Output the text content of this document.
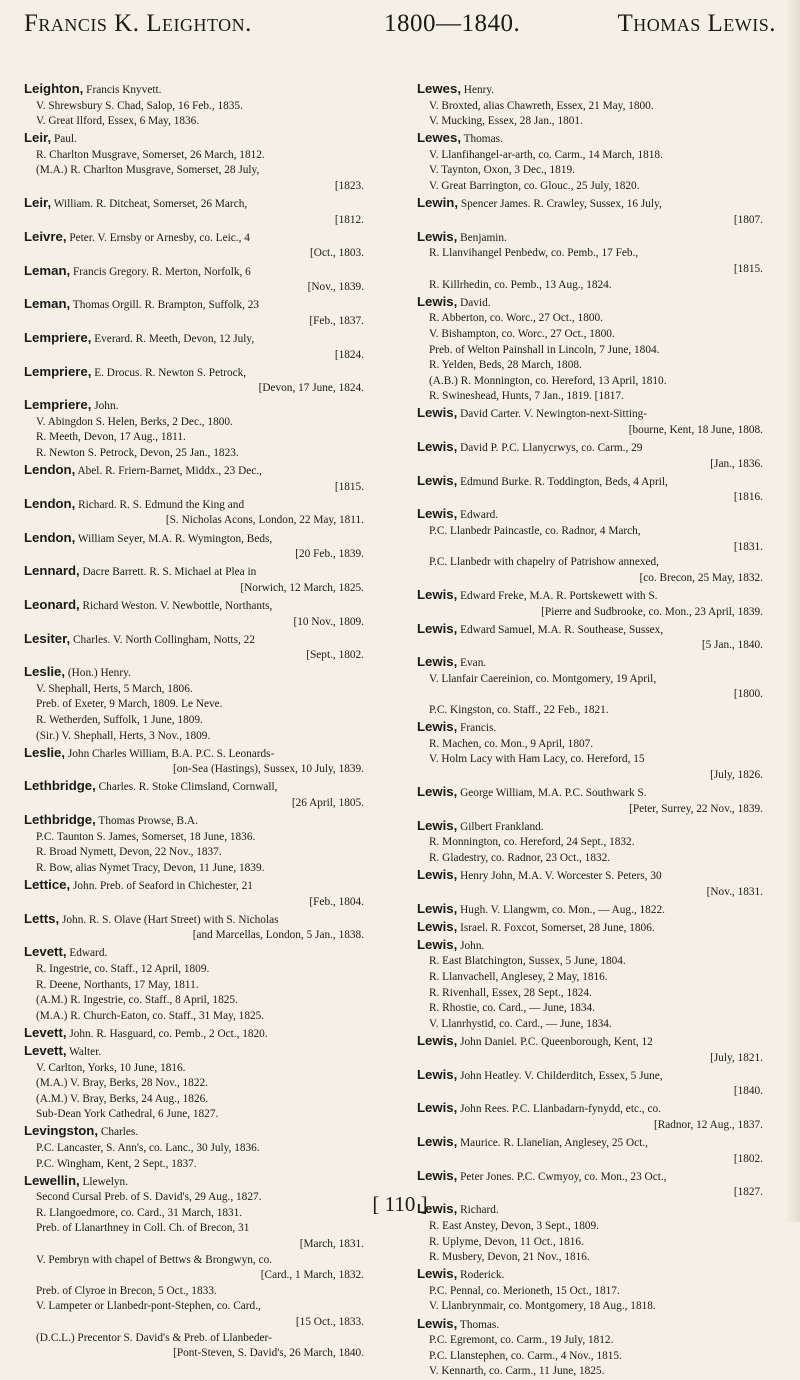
Francis K. Leighton.	1800—1840.	Thomas Lewis.
Leighton, Francis Knyvett.
V. Shrewsbury S. Chad, Salop, 16 Feb., 1835.
V. Great Ilford, Essex, 6 May, 1836.
Leir, Paul.
R. Charlton Musgrave, Somerset, 26 March, 1812.
(M.A.) R. Charlton Musgrave, Somerset, 28 July,
[1823.
Leir, William. R. Ditcheat, Somerset, 26 March,
[1812.
Leivre, Peter. V. Ernsby or Arnesby, co. Leic., 4
[Oct., 1803.
Leman, Francis Gregory. R. Merton, Norfolk, 6
[Nov., 1839.
Leman, Thomas Orgill. R. Brampton, Suffolk, 23
[Feb., 1837.
Lempriere, Everard. R. Meeth, Devon, 12 July,
[1824.
Lempriere, E. Drocus. R. Newton S. Petrock,
[Devon, 17 June, 1824.
Lempriere, John.
V. Abingdon S. Helen, Berks, 2 Dec., 1800.
R. Meeth, Devon, 17 Aug., 1811.
R. Newton S. Petrock, Devon, 25 Jan., 1823.
Lendon, Abel. R. Friern-Barnet, Middx., 23 Dec.,
[1815.
Lendon, Richard. R. S. Edmund the King and
[S. Nicholas Acons, London, 22 May, 1811.
Lendon, William Seyer, M.A. R. Wymington, Beds,
[20 Feb., 1839.
Lennard, Dacre Barrett. R. S. Michael at Plea in
[Norwich, 12 March, 1825.
Leonard, Richard Weston. V. Newbottle, Northants,
[10 Nov., 1809.
Lesiter, Charles. V. North Collingham, Notts, 22
[Sept., 1802.
Leslie, (Hon.) Henry.
V. Shephall, Herts, 5 March, 1806.
Preb. of Exeter, 9 March, 1809. Le Neve.
R. Wetherden, Suffolk, 1 June, 1809.
(Sir.) V. Shephall, Herts, 3 Nov., 1809.
Leslie, John Charles William, B.A. P.C. S. Leonards-
[on-Sea (Hastings), Sussex, 10 July, 1839.
Lethbridge, Charles. R. Stoke Climsland, Cornwall,
[26 April, 1805.
Lethbridge, Thomas Prowse, B.A.
P.C. Taunton S. James, Somerset, 18 June, 1836.
R. Broad Nymett, Devon, 22 Nov., 1837.
R. Bow, alias Nymet Tracy, Devon, 11 June, 1839.
Lettice, John. Preb. of Seaford in Chichester, 21
[Feb., 1804.
Letts, John. R. S. Olave (Hart Street) with S. Nicholas
[and Marcellas, London, 5 Jan., 1838.
Levett, Edward.
R. Ingestrie, co. Staff., 12 April, 1809.
R. Deene, Northants, 17 May, 1811.
(A.M.) R. Ingestrie, co. Staff., 8 April, 1825.
(M.A.) R. Church-Eaton, co. Staff., 31 May, 1825.
Levett, John. R. Hasguard, co. Pemb., 2 Oct., 1820.
Levett, Walter.
V. Carlton, Yorks, 10 June, 1816.
(M.A.) V. Bray, Berks, 28 Nov., 1822.
(A.M.) V. Bray, Berks, 24 Aug., 1826.
Sub-Dean York Cathedral, 6 June, 1827.
Levingston, Charles.
P.C. Lancaster, S. Ann's, co. Lanc., 30 July, 1836.
P.C. Wingham, Kent, 2 Sept., 1837.
Lewellin, Llewelyn.
Second Cursal Preb. of S. David's, 29 Aug., 1827.
R. Llangoedmore, co. Card., 31 March, 1831.
Preb. of Llanarthney in Coll. Ch. of Brecon, 31
[March, 1831.
V. Pembryn with chapel of Bettws & Brongwyn, co.
[Card., 1 March, 1832.
Preb. of Clyroe in Brecon, 5 Oct., 1833.
V. Lampeter or Llanbedr-pont-Stephen, co. Card.,
[15 Oct., 1833.
(D.C.L.) Precentor S. David's & Preb. of Llanbeder-
[Pont-Steven, S. David's, 26 March, 1840.
Lewes, Henry.
V. Broxted, alias Chawreth, Essex, 21 May, 1800.
V. Mucking, Essex, 28 Jan., 1801.
Lewes, Thomas.
V. Llanfihangel-ar-arth, co. Carm., 14 March, 1818.
V. Taynton, Oxon, 3 Dec., 1819.
V. Great Barrington, co. Glouc., 25 July, 1820.
Lewin, Spencer James. R. Crawley, Sussex, 16 July,
[1807.
Lewis, Benjamin.
R. Llanvihangel Penbedw, co. Pemb., 17 Feb.,
[1815.
R. Killrhedin, co. Pemb., 13 Aug., 1824.
Lewis, David.
R. Abberton, co. Worc., 27 Oct., 1800.
V. Bishampton, co. Worc., 27 Oct., 1800.
Preb. of Welton Painshall in Lincoln, 7 June, 1804.
R. Yelden, Beds, 28 March, 1808.
(A.B.) R. Monnington, co. Hereford, 13 April, 1810.
R. Swineshead, Hunts, 7 Jan., 1819. [1817.
Lewis, David Carter. V. Newington-next-Sitting-
[bourne, Kent, 18 June, 1808.
Lewis, David P. P.C. Llanycrwys, co. Carm., 29
[Jan., 1836.
Lewis, Edmund Burke. R. Toddington, Beds, 4 April,
[1816.
Lewis, Edward.
P.C. Llanbedr Paincastle, co. Radnor, 4 March,
[1831.
P.C. Llanbedr with chapelry of Patrishow annexed,
[co. Brecon, 25 May, 1832.
Lewis, Edward Freke, M.A. R. Portskewett with S.
[Pierre and Sudbrooke, co. Mon., 23 April, 1839.
Lewis, Edward Samuel, M.A. R. Southease, Sussex,
[5 Jan., 1840.
Lewis, Evan.
V. Llanfair Caereinion, co. Montgomery, 19 April,
[1800.
P.C. Kingston, co. Staff., 22 Feb., 1821.
Lewis, Francis.
R. Machen, co. Mon., 9 April, 1807.
V. Holm Lacy with Ham Lacy, co. Hereford, 15
[July, 1826.
Lewis, George William, M.A. P.C. Southwark S.
[Peter, Surrey, 22 Nov., 1839.
Lewis, Gilbert Frankland.
R. Monnington, co. Hereford, 24 Sept., 1832.
R. Gladestry, co. Radnor, 23 Oct., 1832.
Lewis, Henry John, M.A. V. Worcester S. Peters, 30
[Nov., 1831.
Lewis, Hugh. V. Llangwm, co. Mon., — Aug., 1822.
Lewis, Israel. R. Foxcot, Somerset, 28 June, 1806.
Lewis, John.
R. East Blatchington, Sussex, 5 June, 1804.
R. Llanvachell, Anglesey, 2 May, 1816.
R. Rivenhall, Essex, 28 Sept., 1824.
R. Rhostie, co. Card., — June, 1834.
V. Llanrhystid, co. Card., — June, 1834.
Lewis, John Daniel. P.C. Queenborough, Kent, 12
[July, 1821.
Lewis, John Heatley. V. Childerditch, Essex, 5 June,
[1840.
Lewis, John Rees. P.C. Llanbadarn-fynydd, etc., co.
[Radnor, 12 Aug., 1837.
Lewis, Maurice. R. Llanelian, Anglesey, 25 Oct.,
[1802.
Lewis, Peter Jones. P.C. Cwmyoy, co. Mon., 23 Oct.,
[1827.
Lewis, Richard.
R. East Anstey, Devon, 3 Sept., 1809.
R. Uplyme, Devon, 11 Oct., 1816.
R. Musbery, Devon, 21 Nov., 1816.
Lewis, Roderick.
P.C. Pennal, co. Merioneth, 15 Oct., 1817.
V. Llanbrynmair, co. Montgomery, 18 Aug., 1818.
Lewis, Thomas.
P.C. Egremont, co. Carm., 19 July, 1812.
P.C. Llanstephen, co. Carm., 4 Nov., 1815.
V. Kennarth, co. Carm., 11 June, 1825.
[ 110 ]
